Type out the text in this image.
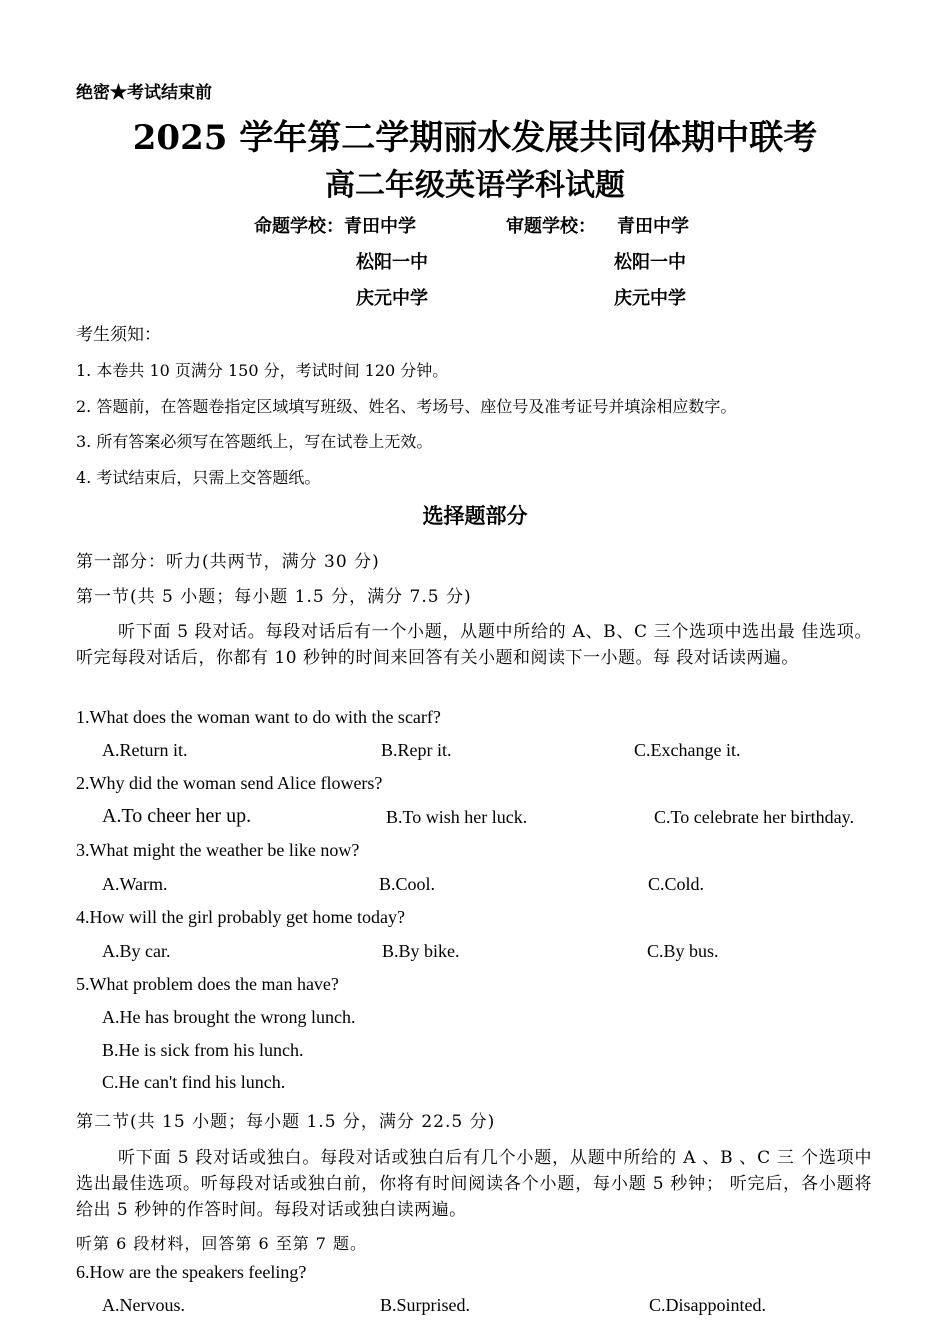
绝密★考试结束前
2025 学年第二学期丽水发展共同体期中联考
高二年级英语学科试题
命题学校：青田中学	审题学校： 青田中学
松阳一中	松阳一中
庆元中学	庆元中学
考生须知：
1. 本卷共 10 页满分 150 分，考试时间 120 分钟。
2. 答题前，在答题卷指定区域填写班级、姓名、考场号、座位号及准考证号并填涂相应数字。
3. 所有答案必须写在答题纸上，写在试卷上无效。
4. 考试结束后，只需上交答题纸。
选择题部分
第一部分：听力(共两节，满分 30 分)
第一节(共 5 小题；每小题 1.5 分，满分 7.5 分)
听下面 5 段对话。每段对话后有一个小题，从题中所给的 A、B、C 三个选项中选出最 佳选项。听完每段对话后，你都有 10 秒钟的时间来回答有关小题和阅读下一小题。每 段对话读两遍。
1.What does the woman want to do with the scarf?
A.Return it.	B.Repr it.	C.Exchange it.
2.Why did the woman send Alice flowers?
A.To cheer her up.	B.To wish her luck.	C.To celebrate her birthday.
3.What might the weather be like now?
A.Warm.	B.Cool.	C.Cold.
4.How will the girl probably get home today?
A.By car.	B.By bike.	C.By bus.
5.What problem does the man have?
A.He has brought the wrong lunch.
B.He is sick from his lunch.
C.He can't find his lunch.
第二节(共 15 小题；每小题 1.5 分，满分 22.5 分)
听下面 5 段对话或独白。每段对话或独白后有几个小题，从题中所给的 A 、B 、C 三 个选项中选出最佳选项。听每段对话或独白前，你将有时间阅读各个小题，每小题 5 秒钟； 听完后，各小题将给出 5 秒钟的作答时间。每段对话或独白读两遍。
听第 6 段材料，回答第 6 至第 7 题。
6.How are the speakers feeling?
A.Nervous.	B.Surprised.	C.Disappointed.
